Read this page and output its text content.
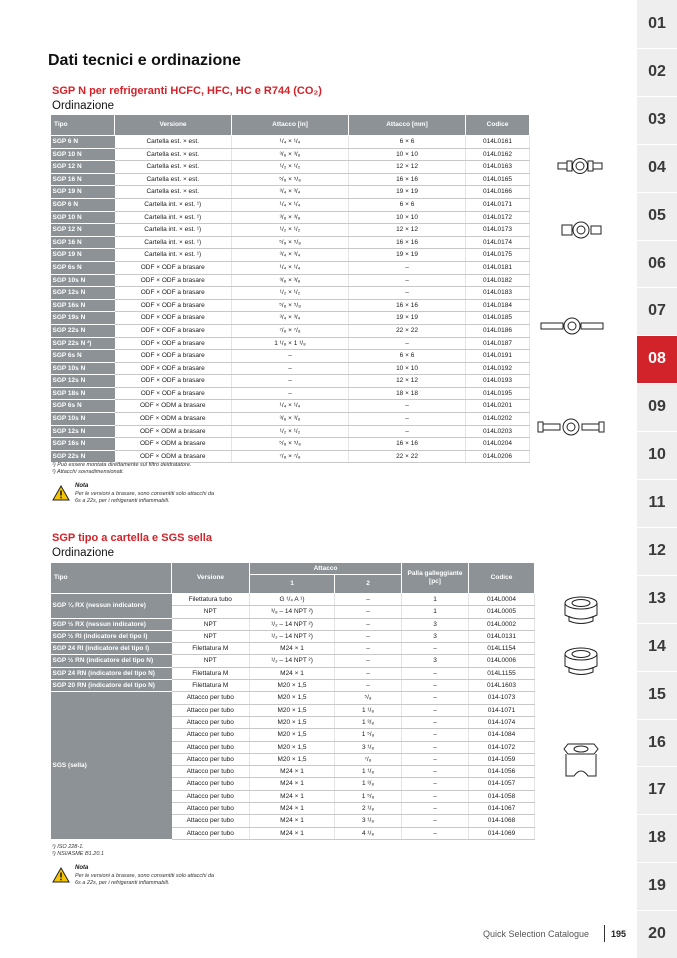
Dati tecnici e ordinazione
SGP N per refrigeranti HCFC, HFC, HC e R744 (CO₂)
Ordinazione
Tipo	Versione	Attacco [in]	Attacco [mm]	Codice
SGP 6 N	Cartella est. × est.	¹/₄ × ¹/₄	6 × 6	014L0161
SGP 10 N	Cartella est. × est.	³/₈ × ³/₈	10 × 10	014L0162
SGP 12 N	Cartella est. × est.	¹/₂ × ¹/₂	12 × 12	014L0163
SGP 16 N	Cartella est. × est.	⁵/₈ × ⁵/₈	16 × 16	014L0165
SGP 19 N	Cartella est. × est.	³/₄ × ³/₄	19 × 19	014L0166
SGP 6 N	Cartella int. × est. ¹)	¹/₄ × ¹/₄	6 × 6	014L0171
SGP 10 N	Cartella int. × est. ¹)	³/₈ × ³/₈	10 × 10	014L0172
SGP 12 N	Cartella int. × est. ¹)	¹/₂ × ¹/₂	12 × 12	014L0173
SGP 16 N	Cartella int. × est. ¹)	⁵/₈ × ⁵/₈	16 × 16	014L0174
SGP 19 N	Cartella int. × est. ¹)	³/₄ × ³/₄	19 × 19	014L0175
SGP 6s N	ODF × ODF a brasare	¹/₄ × ¹/₄	–	014L0181
SGP 10s N	ODF × ODF a brasare	³/₈ × ³/₈	–	014L0182
SGP 12s N	ODF × ODF a brasare	¹/₂ × ¹/₂	–	014L0183
SGP 16s N	ODF × ODF a brasare	⁵/₈ × ⁵/₈	16 × 16	014L0184
SGP 19s N	ODF × ODF a brasare	³/₄ × ³/₄	19 × 19	014L0185
SGP 22s N	ODF × ODF a brasare	⁷/₈ × ⁷/₈	22 × 22	014L0186
SGP 22s N ²)	ODF × ODF a brasare	1 ¹/₈ × 1 ¹/₈	–	014L0187
SGP 6s N	ODF × ODF a brasare	–	6 × 6	014L0191
SGP 10s N	ODF × ODF a brasare	–	10 × 10	014L0192
SGP 12s N	ODF × ODF a brasare	–	12 × 12	014L0193
SGP 18s N	ODF × ODF a brasare	–	18 × 18	014L0195
SGP 6s N	ODF × ODM a brasare	¹/₄ × ¹/₄	–	014L0201
SGP 10s N	ODF × ODM a brasare	³/₈ × ³/₈	–	014L0202
SGP 12s N	ODF × ODM a brasare	¹/₂ × ¹/₂	–	014L0203
SGP 16s N	ODF × ODM a brasare	⁵/₈ × ⁵/₈	16 × 16	014L0204
SGP 22s N	ODF × ODM a brasare	⁷/₈ × ⁷/₈	22 × 22	014L0206
¹) Può essere montata direttamente sul filtro deidratatore.
²) Attacchi sovradimensionati.
Nota
Per le versioni a brasare, sono consentiti solo attacchi da 6s a 22s, per i refrigeranti infiammabili.
SGP tipo a cartella e SGS sella
Ordinazione
Tipo	Versione	Attacco		Palla galleggiante [pc]	Codice
		1	2		
SGP ¼ RX (nessun indicatore)	Filettatura tubo	G ¹/₄ A ¹)	–	1	014L0004
	NPT	³/₈ – 14 NPT ²)	–	1	014L0005
SGP ½ RX (nessun indicatore)	NPT	¹/₂ – 14 NPT ²)	–	3	014L0002
SGP ½ RI (indicatore del tipo I)	NPT	¹/₂ – 14 NPT ²)	–	3	014L0131
SGP 24 RI (indicatore del tipo I)	Filettatura M	M24 × 1	–	–	014L1154
SGP ½ RN (indicatore del tipo N)	NPT	¹/₂ – 14 NPT ²)	–	3	014L0006
SGP 24 RN (indicatore del tipo N)	Filettatura M	M24 × 1	–	–	014L1155
SGP 20 RN (indicatore del tipo N)	Filettatura M	M20 × 1,5	–	–	014L1603
SGS (sella)	Attacco per tubo	M20 × 1,5	⁵/₈	–	014-1073
	Attacco per tubo	M20 × 1,5	1 ¹/₈	–	014-1071
	Attacco per tubo	M20 × 1,5	1 ³/₈	–	014-1074
	Attacco per tubo	M20 × 1,5	1 ⁵/₈	–	014-1084
	Attacco per tubo	M20 × 1,5	3 ¹/₈	–	014-1072
	Attacco per tubo	M20 × 1,5	⁷/₈	–	014-1059
	Attacco per tubo	M24 × 1	1 ¹/₈	–	014-1056
	Attacco per tubo	M24 × 1	1 ³/₈	–	014-1057
	Attacco per tubo	M24 × 1	1 ⁵/₈	–	014-1058
	Attacco per tubo	M24 × 1	2 ¹/₈	–	014-1067
	Attacco per tubo	M24 × 1	3 ¹/₈	–	014-1068
	Attacco per tubo	M24 × 1	4 ¹/₈	–	014-1069
¹) ISO 228-1.
²) NSI/ASME B1.20.1
Nota
Per le versioni a brasare, sono consentiti solo attacchi da 6s a 22s, per i refrigeranti infiammabili.
01
02
03
04
05
06
07
08
09
10
11
12
13
14
15
16
17
18
19
20
Quick Selection Catalogue 195
